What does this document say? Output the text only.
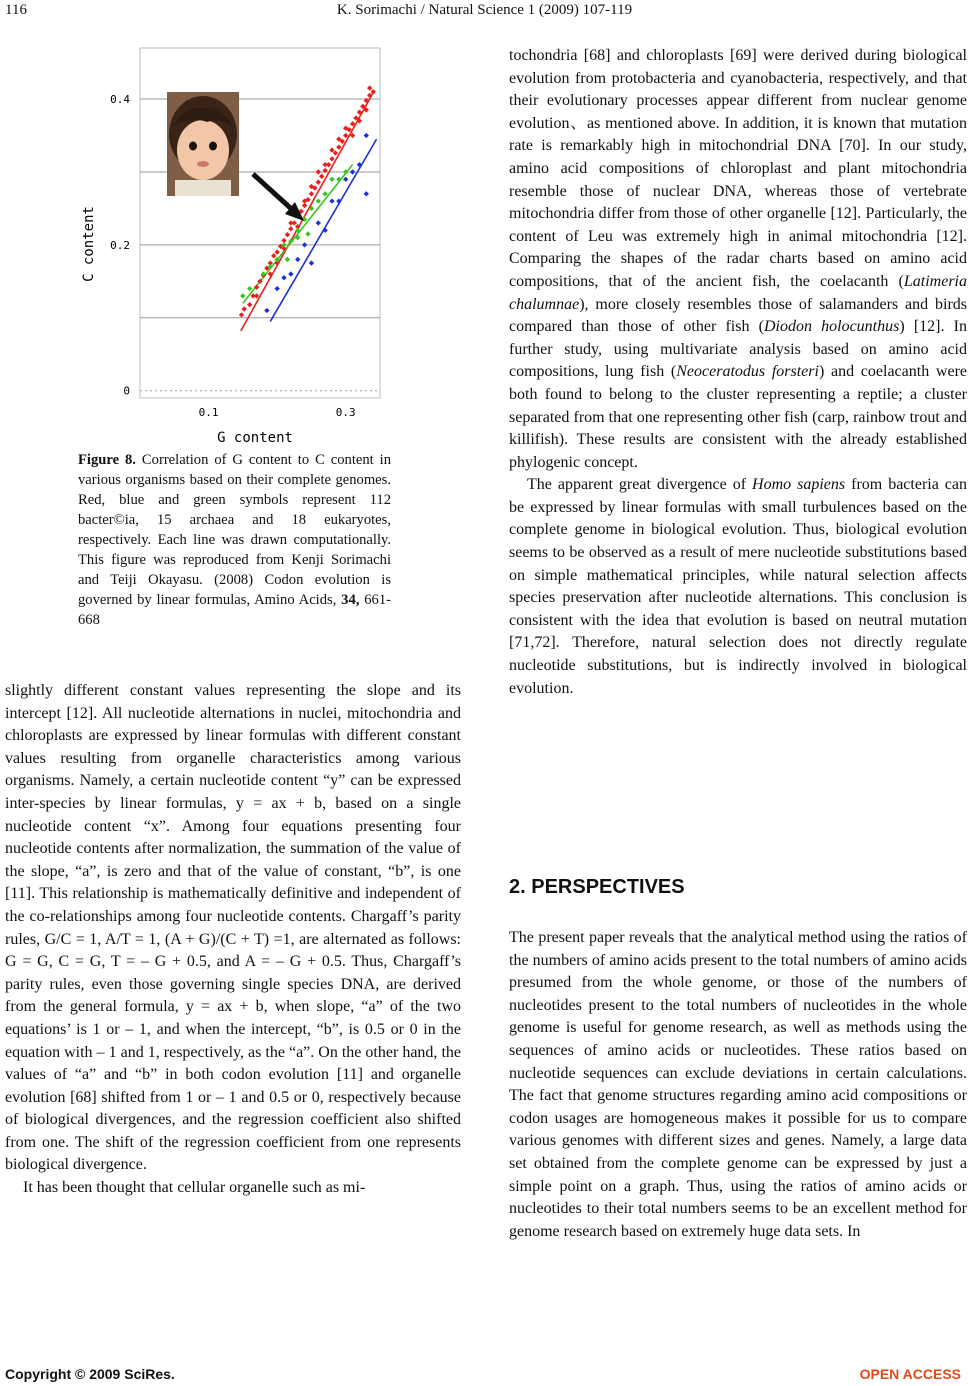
116	K. Sorimachi / Natural Science 1 (2009) 107-119
0
0.2
0.4
0.1	0.3
G content
C content
Figure 8. Correlation of G content to C content in various organisms based on their complete genomes. Red, blue and green symbols represent 112 bacter©ia, 15 archaea and 18 eukaryotes, respectively. Each line was drawn computationally. This figure was reproduced from Kenji Sorimachi and Teiji Okayasu. (2008) Codon evolution is governed by linear formulas, Amino Acids, 34, 661-668

slightly different constant values representing the slope and its intercept [12]. All nucleotide alternations in nuclei, mitochondria and chloroplasts are expressed by linear formulas with different constant values resulting from organelle characteristics among various organisms. Namely, a certain nucleotide content “y” can be expressed inter-species by linear formulas, y = ax + b, based on a single nucleotide content “x”. Among four equations presenting four nucleotide contents after normalization, the summation of the value of the slope, “a”, is zero and that of the value of constant, “b”, is one [11]. This relationship is mathematically definitive and independent of the co-relationships among four nucleotide contents. Chargaff’s parity rules, G/C = 1, A/T = 1, (A + G)/(C + T) =1, are alternated as follows: G = G, C = G, T = – G + 0.5, and A = – G + 0.5. Thus, Chargaff’s parity rules, even those governing single species DNA, are derived from the general formula, y = ax + b, when slope, “a” of the two equations’ is 1 or – 1, and when the intercept, “b”, is 0.5 or 0 in the equation with – 1 and 1, respectively, as the “a”. On the other hand, the values of “a” and “b” in both codon evolution [11] and organelle evolution [68] shifted from 1 or – 1 and 0.5 or 0, respectively because of biological divergences, and the regression coefficient also shifted from one. The shift of the regression coefficient from one represents biological divergence.

It has been thought that cellular organelle such as mi-

tochondria [68] and chloroplasts [69] were derived during biological evolution from protobacteria and cyanobacteria, respectively, and that their evolutionary processes appear different from nuclear genome evolution、as mentioned above. In addition, it is known that mutation rate is remarkably high in mitochondrial DNA [70]. In our study, amino acid compositions of chloroplast and plant mitochondria resemble those of nuclear DNA, whereas those of vertebrate mitochondria differ from those of other organelle [12]. Particularly, the content of Leu was extremely high in animal mitochondria [12]. Comparing the shapes of the radar charts based on amino acid compositions, that of the ancient fish, the coelacanth (Latimeria chalumnae), more closely resembles those of salamanders and birds compared than those of other fish (Diodon holocunthus) [12]. In further study, using multivariate analysis based on amino acid compositions, lung fish (Neoceratodus forsteri) and coelacanth were both found to belong to the cluster representing a reptile; a cluster separated from that one representing other fish (carp, rainbow trout and killifish). These results are consistent with the already established phylogenic concept.

The apparent great divergence of Homo sapiens from bacteria can be expressed by linear formulas with small turbulences based on the complete genome in biological evolution. Thus, biological evolution seems to be observed as a result of mere nucleotide substitutions based on simple mathematical principles, while natural selection affects species preservation after nucleotide alternations. This conclusion is consistent with the idea that evolution is based on neutral mutation [71,72]. Therefore, natural selection does not directly regulate nucleotide substitutions, but is indirectly involved in biological evolution.

2. PERSPECTIVES

The present paper reveals that the analytical method using the ratios of the numbers of amino acids present to the total numbers of amino acids presumed from the whole genome, or those of the numbers of nucleotides present to the total numbers of nucleotides in the whole genome is useful for genome research, as well as methods using the sequences of amino acids or nucleotides. These ratios based on nucleotide sequences can exclude deviations in certain calculations. The fact that genome structures regarding amino acid compositions or codon usages are homogeneous makes it possible for us to compare various genomes with different sizes and genes. Namely, a large data set obtained from the complete genome can be expressed by just a simple point on a graph. Thus, using the ratios of amino acids or nucleotides to their total numbers seems to be an excellent method for genome research based on extremely huge data sets. In

Copyright © 2009 SciRes.	OPEN ACCESS
